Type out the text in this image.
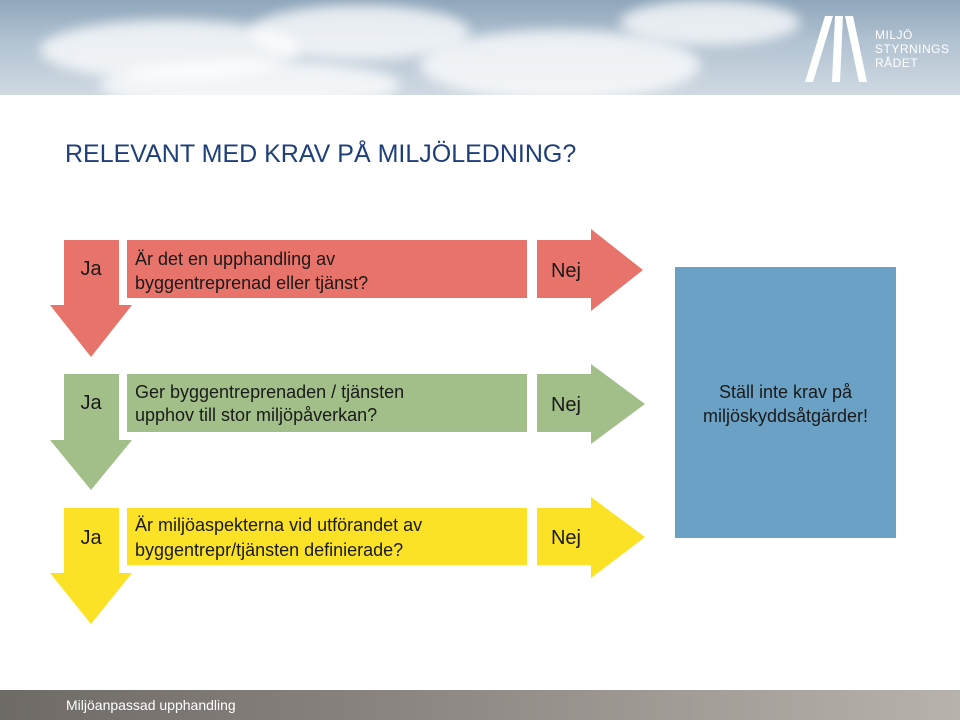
MILJÖ
STYRNINGS
RÅDET
RELEVANT MED KRAV PÅ MILJÖLEDNING?
Ja	Är det en upphandling av
byggentreprenad eller tjänst?
Nej
Ja	Ger byggentreprenaden / tjänsten
upphov till stor miljöpåverkan?	Nej
Ja
Är miljöaspekterna vid utförandet av
byggentrepr/tjänsten definierade?
Nej
Ställ inte krav på
miljöskyddsåtgärder!
Miljöanpassad upphandling
